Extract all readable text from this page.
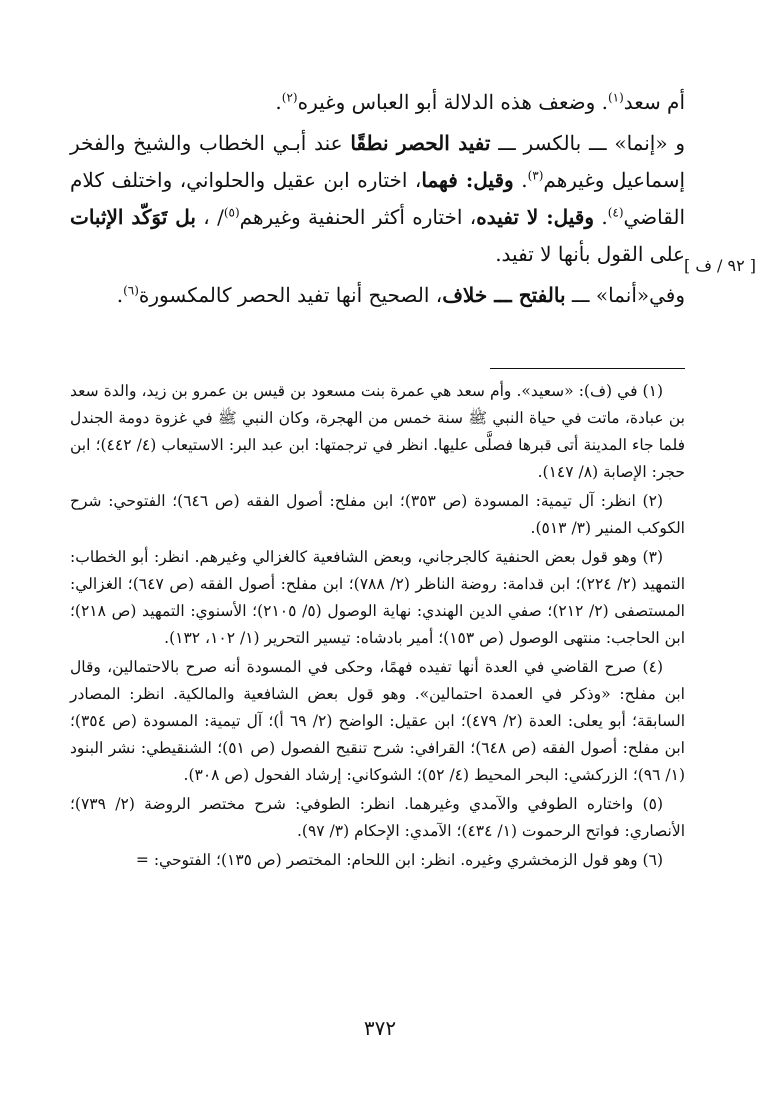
أم سعد$^{(١)}$. وضعف هذه الدلالة أبو العباس وغيره$^{(٢)}$.

و «إنما» ـــ بالكسر ـــ تفيد الحصر نطقًا عند أبـي الخطاب والشيخ والفخر إسماعيل وغيرهم$^{(٣)}$. وقيل: فهما، اختاره ابن عقيل والحلواني، واختلف كلام القاضي$^{(٤)}$. وقيل: لا تفيده، اختاره أكثر الحنفية وغيرهم$^{(٥)}$/ ، بل تَوَكّد الإثبات على القول بأنها لا تفيد.

وفي«أنما» ـــ بالفتح ـــ خلاف، الصحيح أنها تفيد الحصر كالمكسورة$^{(٦)}$.

[ ٩٢ / ف ]

(١) في (ف): «سعيد». وأم سعد هي عمرة بنت مسعود بن قيس بن عمرو بن زيد، والدة سعد بن عبادة، ماتت في حياة النبي ﷺ سنة خمس من الهجرة، وكان النبي ﷺ في غزوة دومة الجندل فلما جاء المدينة أتى قبرها فصلَّى عليها. انظر في ترجمتها: ابن عبد البر: الاستيعاب (٤/ ٤٤٢)؛ ابن حجر: الإصابة (٨/ ١٤٧).

(٢) انظر: آل تيمية: المسودة (ص ٣٥٣)؛ ابن مفلح: أصول الفقه (ص ٦٤٦)؛ الفتوحي: شرح الكوكب المنير (٣/ ٥١٣).

(٣) وهو قول بعض الحنفية كالجرجاني، وبعض الشافعية كالغزالي وغيرهم. انظر: أبو الخطاب: التمهيد (٢/ ٢٢٤)؛ ابن قدامة: روضة الناظر (٢/ ٧٨٨)؛ ابن مفلح: أصول الفقه (ص ٦٤٧)؛ الغزالي: المستصفى (٢/ ٢١٢)؛ صفي الدين الهندي: نهاية الوصول (٥/ ٢١٠٥)؛ الأسنوي: التمهيد (ص ٢١٨)؛ ابن الحاجب: منتهى الوصول (ص ١٥٣)؛ أمير بادشاه: تيسير التحرير (١/ ١٠٢، ١٣٢).

(٤) صرح القاضي في العدة أنها تفيده فهمًا، وحكى في المسودة أنه صرح بالاحتمالين، وقال ابن مفلح: «وذكر في العمدة احتمالين». وهو قول بعض الشافعية والمالكية. انظر: المصادر السابقة؛ أبو يعلى: العدة (٢/ ٤٧٩)؛ ابن عقيل: الواضح (٢/ ٦٩ أ)؛ آل تيمية: المسودة (ص ٣٥٤)؛ ابن مفلح: أصول الفقه (ص ٦٤٨)؛ القرافي: شرح تنقيح الفصول (ص ٥١)؛ الشنقيطي: نشر البنود (١/ ٩٦)؛ الزركشي: البحر المحيط (٤/ ٥٢)؛ الشوكاني: إرشاد الفحول (ص ٣٠٨).

(٥) واختاره الطوفي والآمدي وغيرهما. انظر: الطوفي: شرح مختصر الروضة (٢/ ٧٣٩)؛ الأنصاري: فواتح الرحموت (١/ ٤٣٤)؛ الآمدي: الإحكام (٣/ ٩٧).

(٦) وهو قول الزمخشري وغيره. انظر: ابن اللحام: المختصر (ص ١٣٥)؛ الفتوحي: =

٣٧٢
